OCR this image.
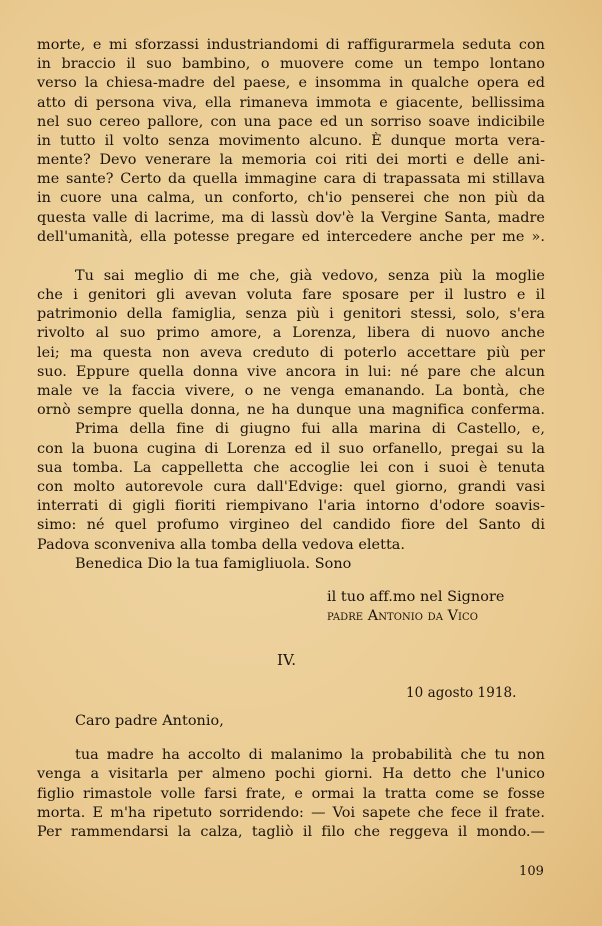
morte, e mi sforzassi industriandomi di raffigurarmela seduta con
in braccio il suo bambino, o muovere come un tempo lontano
verso la chiesa-madre del paese, e insomma in qualche opera ed
atto di persona viva, ella rimaneva immota e giacente, bellissima
nel suo cereo pallore, con una pace ed un sorriso soave indicibile
in tutto il volto senza movimento alcuno. È dunque morta vera-
mente? Devo venerare la memoria coi riti dei morti e delle ani-
me sante? Certo da quella immagine cara di trapassata mi stillava
in cuore una calma, un conforto, ch'io penserei che non più da
questa valle di lacrime, ma di lassù dov'è la Vergine Santa, madre
dell'umanità, ella potesse pregare ed intercedere anche per me ».
Tu sai meglio di me che, già vedovo, senza più la moglie
che i genitori gli avevan voluta fare sposare per il lustro e il
patrimonio della famiglia, senza più i genitori stessi, solo, s'era
rivolto al suo primo amore, a Lorenza, libera di nuovo anche
lei; ma questa non aveva creduto di poterlo accettare più per
suo. Eppure quella donna vive ancora in lui: né pare che alcun
male ve la faccia vivere, o ne venga emanando. La bontà, che
ornò sempre quella donna, ne ha dunque una magnifica conferma.
Prima della fine di giugno fui alla marina di Castello, e,
con la buona cugina di Lorenza ed il suo orfanello, pregai su la
sua tomba. La cappelletta che accoglie lei con i suoi è tenuta
con molto autorevole cura dall'Edvige: quel giorno, grandi vasi
interrati di gigli fioriti riempivano l'aria intorno d'odore soavis-
simo: né quel profumo virgineo del candido fiore del Santo di
Padova sconveniva alla tomba della vedova eletta.
Benedica Dio la tua famigliuola. Sono
il tuo aff.mo nel Signore
padre Antonio da Vico
IV.
10 agosto 1918.
Caro padre Antonio,
tua madre ha accolto di malanimo la probabilità che tu non
venga a visitarla per almeno pochi giorni. Ha detto che l'unico
figlio rimastole volle farsi frate, e ormai la tratta come se fosse
morta. E m'ha ripetuto sorridendo: — Voi sapete che fece il frate.
Per rammendarsi la calza, tagliò il filo che reggeva il mondo.—
109
